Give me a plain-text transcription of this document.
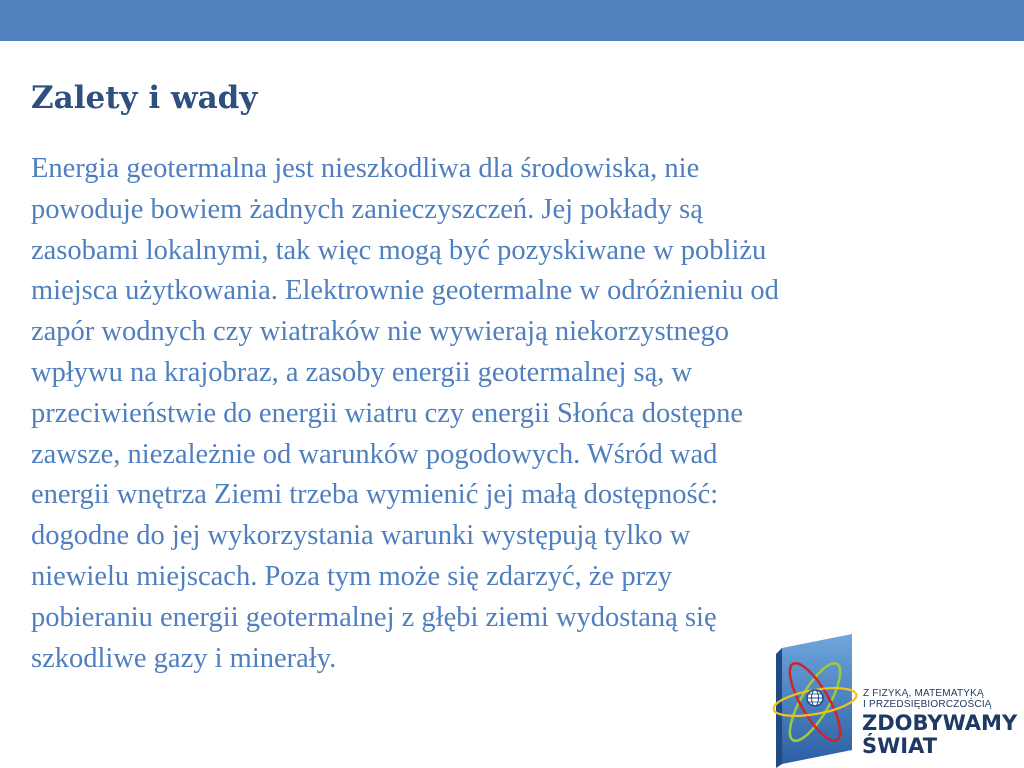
Zalety i wady

Energia geotermalna jest nieszkodliwa dla środowiska, nie
powoduje bowiem żadnych zanieczyszczeń. Jej pokłady są
zasobami lokalnymi, tak więc mogą być pozyskiwane w pobliżu
miejsca użytkowania. Elektrownie geotermalne w odróżnieniu od
zapór wodnych czy wiatraków nie wywierają niekorzystnego
wpływu na krajobraz, a zasoby energii geotermalnej są, w
przeciwieństwie do energii wiatru czy energii Słońca dostępne
zawsze, niezależnie od warunków pogodowych. Wśród wad
energii wnętrza Ziemi trzeba wymienić jej małą dostępność:
dogodne do jej wykorzystania warunki występują tylko w
niewielu miejscach. Poza tym może się zdarzyć, że przy
pobieraniu energii geotermalnej z głębi ziemi wydostaną się
szkodliwe gazy i minerały.

Z FIZYKĄ, MATEMATYKĄ
I PRZEDSIĘBIORCZOŚCIĄ
ZDOBYWAMY
ŚWIAT
